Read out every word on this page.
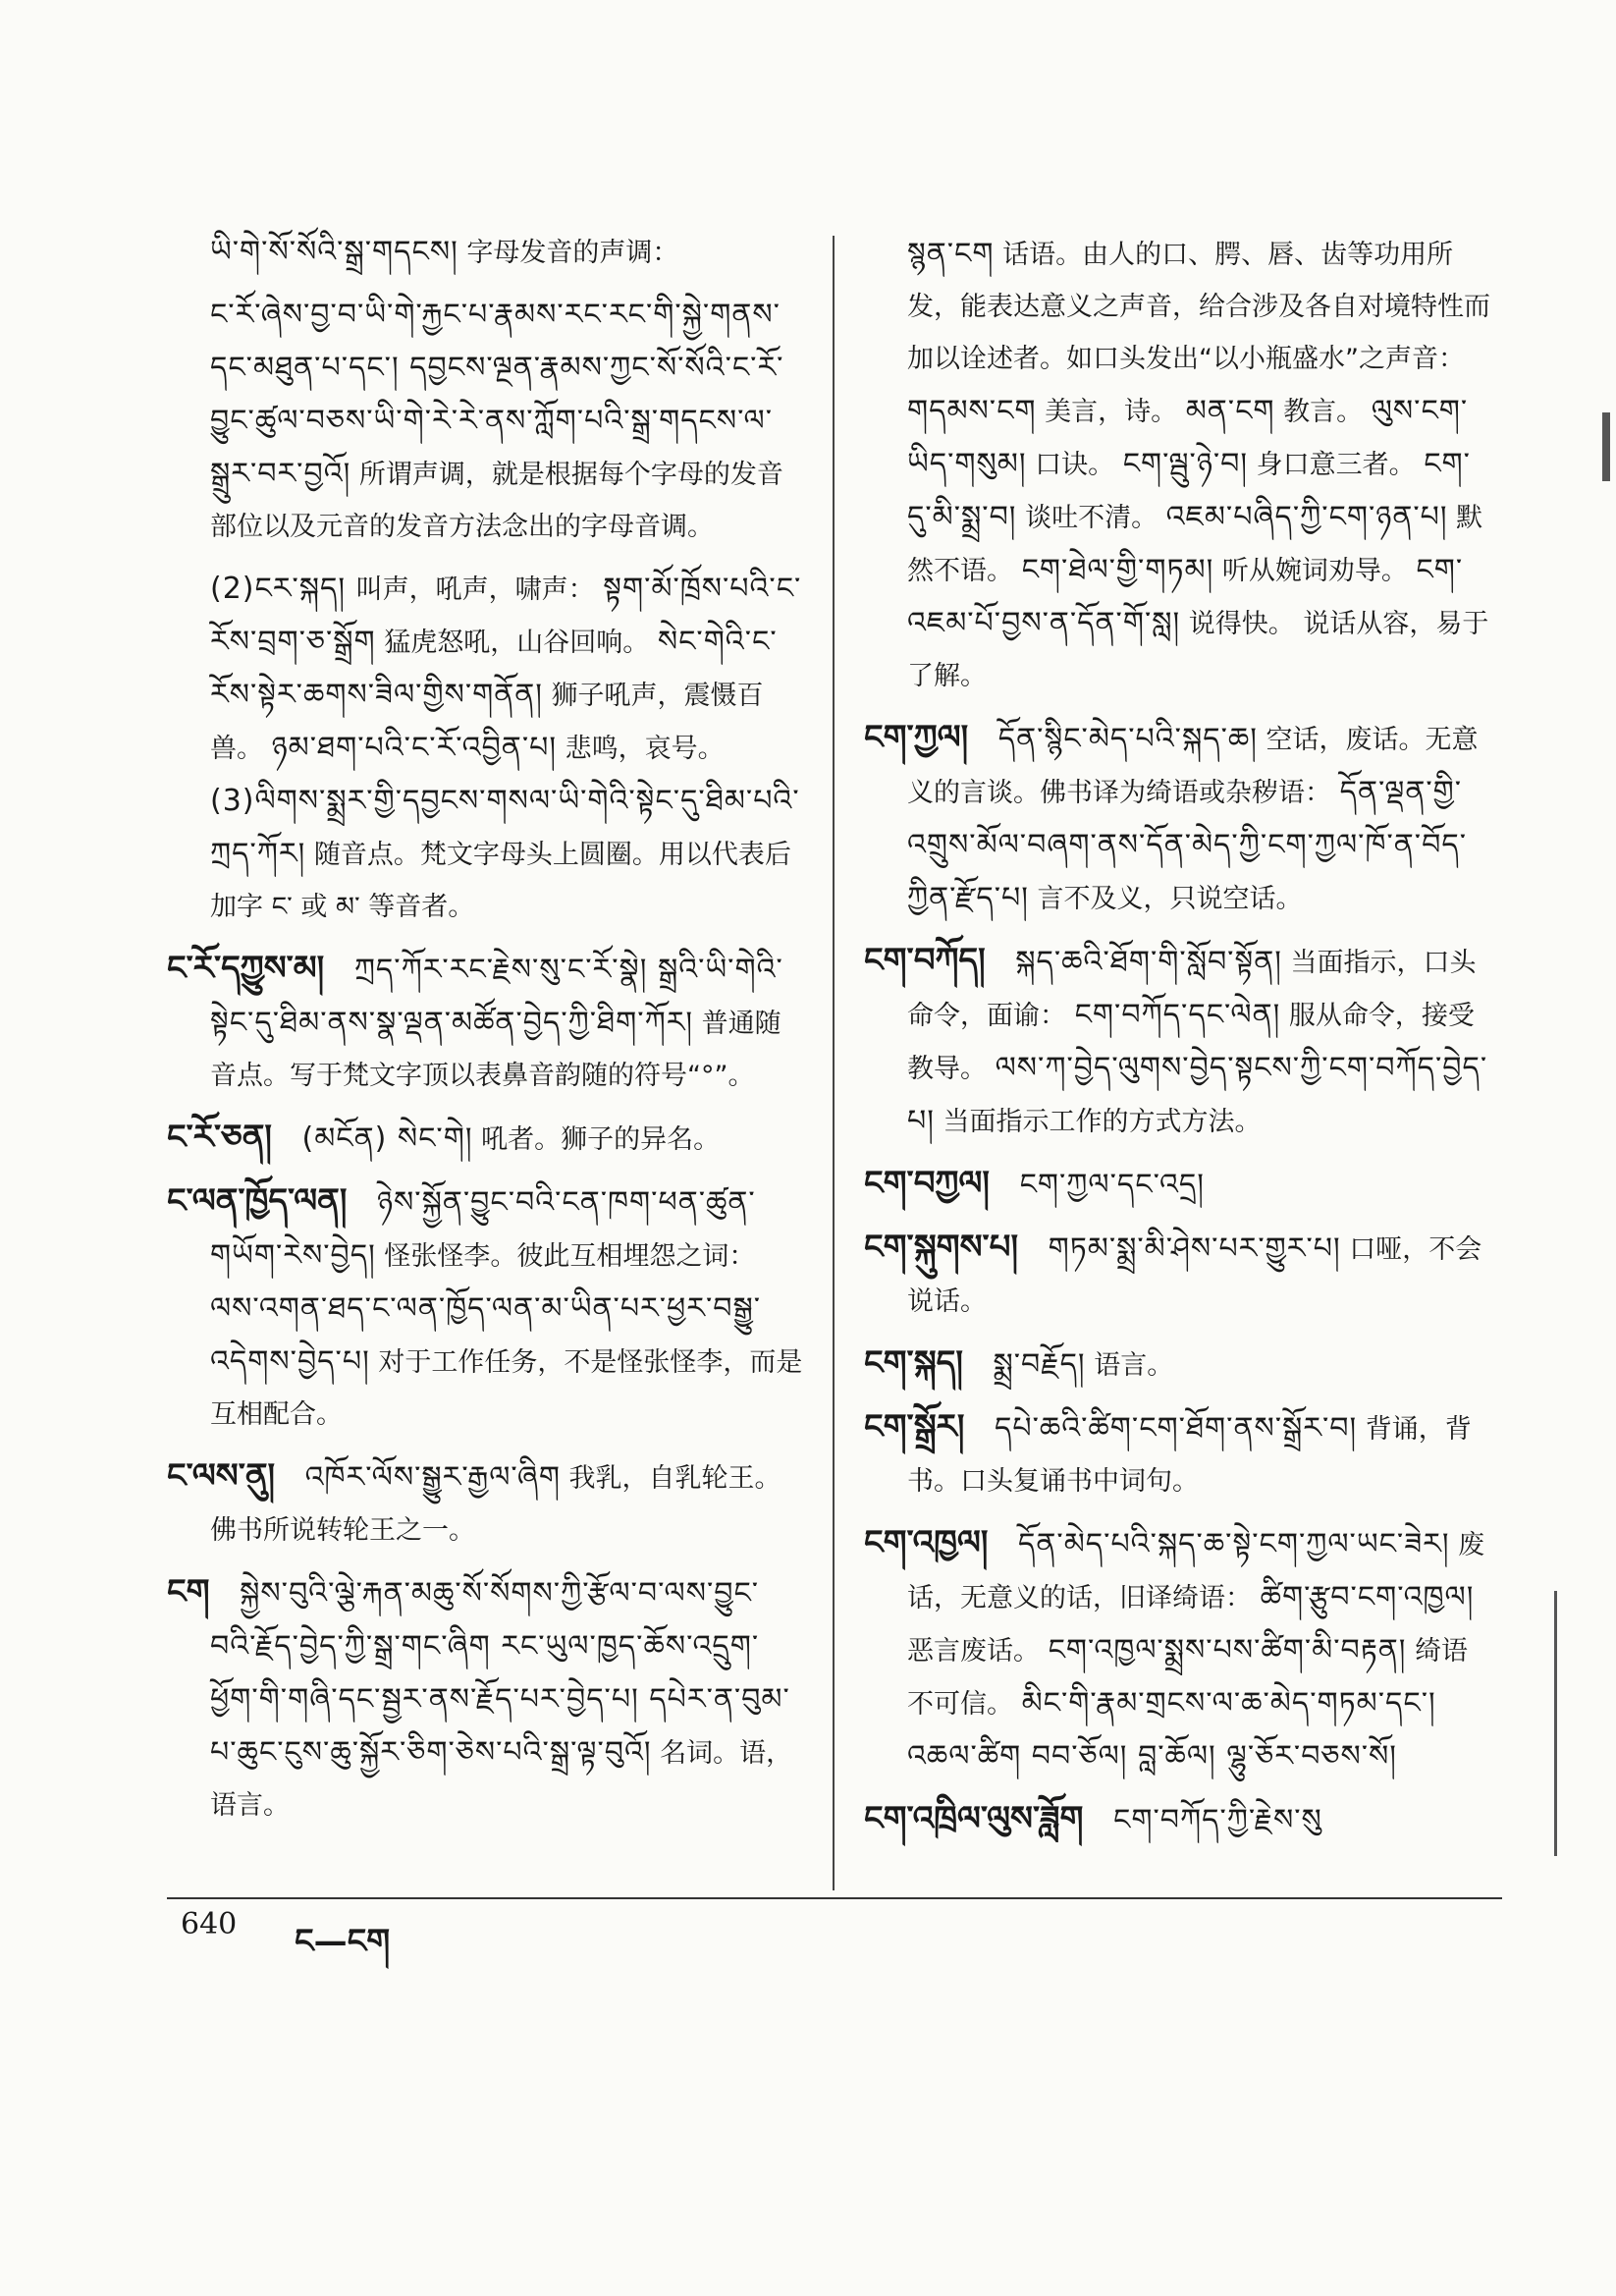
ཡི་གེ་སོ་སོའི་སྒྲ་གདངས། 字母发音的声调：
ང་རོ་ཞེས་བྱ་བ་ཡི་གེ་རྐྱང་པ་རྣམས་རང་རང་གི་སྐྱེ་གནས་དང་མཐུན་པ་དང་། དབྱངས་ལྔན་རྣམས་ཀྱང་སོ་སོའི་ང་རོ་བྱུང་ཚུལ་བཅས་ཡི་གེ་རེ་རེ་ནས་ཀློག་པའི་སྒྲ་གདངས་ལ་སྒྲུར་བར་བྱའོ། 所谓声调，就是根据每个字母的发音部位以及元音的发音方法念出的字母音调。
(2)ངར་སྐད། 叫声，吼声，啸声： སྟག་མོ་ཁྲོས་པའི་ང་རོས་བྲག་ཅ་སྒྲོག 猛虎怒吼，山谷回响。 སེང་གེའི་ང་རོས་སྟེར་ཆགས་ཟིལ་གྱིས་གནོན། 狮子吼声，震慑百兽。 ཉམ་ཐག་པའི་ང་རོ་འབྱིན་པ། 悲鸣，哀号。 (3)ལིགས་སྨྲར་གྱི་དབྱངས་གསལ་ཡི་གེའི་སྟེང་དུ་ཐིམ་པའི་ཀྲད་ཀོར། 随音点。梵文字母头上圆圈。用以代表后加字 ང་ 或 མ་ 等音者。
ང་རོ་དཀྱུས་མ། ཀྲད་ཀོར་རང་རྗེས་སུ་ང་རོ་སྣེ། སྒྲའི་ཡི་གེའི་སྟེང་དུ་ཐིམ་ནས་སྣ་ལྡན་མཚོན་བྱེད་ཀྱི་ཐིག་ཀོར། 普通随音点。写于梵文字顶以表鼻音韵随的符号“°”。
ང་རོ་ཅན། (མངོན) སེང་གེ། 吼者。狮子的异名。
ང་ལན་ཁྱོད་ལན། ཉེས་སྐྱོན་བྱུང་བའི་ངན་ཁག་ཕན་ཚུན་གཡོག་རེས་བྱེད། 怪张怪李。彼此互相埋怨之词： ལས་འགན་ཐད་ང་ལན་ཁྱོད་ལན་མ་ཡིན་པར་ཕྱར་བསྒྱུ་འདེགས་བྱེད་པ། 对于工作任务，不是怪张怪李，而是互相配合。
ང་ལས་ནུ། འཁོར་ལོས་སྒྱུར་རྒྱལ་ཞིག 我乳，自乳轮王。佛书所说转轮王之一。
ངག སྐྱེས་བུའི་ལྕེ་རྐན་མཆུ་སོ་སོགས་ཀྱི་རྩོལ་བ་ལས་བྱུང་བའི་རྗོད་བྱེད་ཀྱི་སྒྲ་གང་ཞིག རང་ཡུལ་ཁྱད་ཆོས་འདྲུག་ཕྱོག་གི་གཞི་དང་སྦྱར་ནས་རྗོད་པར་བྱེད་པ། དཔེར་ན་བུམ་པ་ཆུང་ངུས་ཆུ་སྐྱོར་ཅིག་ཅེས་པའི་སྒྲ་ལྟ་བུའོ། 名词。语，语言。
སྙན་ངག 话语。由人的口、腭、唇、齿等功用所发，能表达意义之声音，给合涉及各自对境特性而加以诠述者。如口头发出“以小瓶盛水”之声音： གདམས་ངག 美言，诗。 མན་ངག 教言。 ལུས་ངག་ཡིད་གསུམ། 口诀。 ངག་ལྦུ་ཉེ་བ། 身口意三者。 ངག་དུ་མི་སྨྲ་བ། 谈吐不清。 འཇམ་པཞིད་ཀྱི་ངག་ཉན་པ། 默然不语。 ངག་ཐེལ་གྱི་གཏམ། 听从婉词劝导。 ངག་འཇམ་པོ་བྱས་ན་དོན་གོ་སླ། 说得快。 说话从容，易于了解。
ངག་ཀྱལ། དོན་སྙིང་མེད་པའི་སྐད་ཆ། 空话，废话。无意义的言谈。佛书译为绮语或杂秽语： དོན་ལྡན་གྱི་འགྲུས་མོལ་བཞག་ནས་དོན་མེད་ཀྱི་ངག་ཀྱལ་ཁོ་ན་བོད་ཀྱིན་རྫོད་པ། 言不及义，只说空话。
ངག་བཀོད། སྐད་ཆའི་ཐོག་གི་སློབ་སྟོན། 当面指示，口头命令，面谕： ངག་བཀོད་དང་ལེན། 服从命令，接受教导。 ལས་ཀ་བྱེད་ལུགས་བྱེད་སྟངས་ཀྱི་ངག་བཀོད་བྱེད་པ། 当面指示工作的方式方法。
ངག་བཀྱལ། ངག་ཀྱལ་དང་འདྲ།
ངག་སྐུགས་པ། གཏམ་སྨྲ་མི་ཤེས་པར་གྱུར་པ། 口哑，不会说话。
ངག་སྐད། སྨྲ་བརྗོད། 语言。
ངག་སྒྲོར། དཔེ་ཆའི་ཚིག་ངག་ཐོག་ནས་སྒྲོར་བ། 背诵，背书。口头复诵书中词句。
ངག་འཁྱལ། དོན་མེད་པའི་སྐད་ཆ་སྟེ་ངག་ཀྱལ་ཡང་ཟེར། 废话，无意义的话，旧译绮语： ཚིག་རྩུབ་ངག་འཁྱལ། 恶言废话。 ངག་འཁྱལ་སྨྲས་པས་ཚིག་མི་བརྟན། 绮语不可信。 མིང་གི་རྣམ་གྲངས་ལ་ཆ་མེད་གཏམ་དང་། འཆལ་ཚིག བབ་ཅོལ། བླ་ཆོལ། ལྷུ་ཅོར་བཅས་སོ།
ངག་འཁྲིལ་ལུས་ཟློག ངག་བཀོད་ཀྱི་རྗེས་སུ
640 ང—ངག
